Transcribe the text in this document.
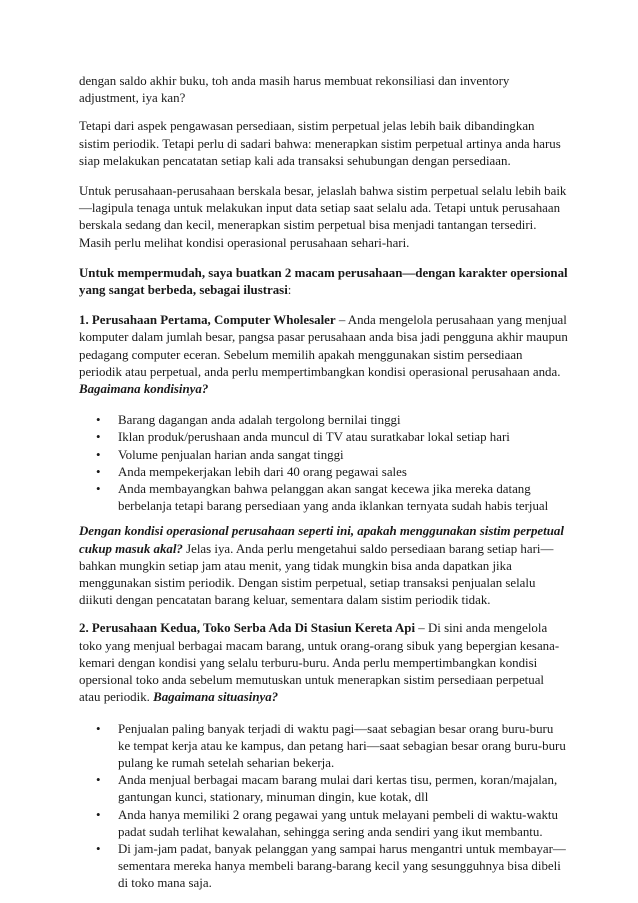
dengan saldo akhir buku, toh anda masih harus membuat rekonsiliasi dan inventory adjustment, iya kan?

Tetapi dari aspek pengawasan persediaan, sistim perpetual jelas lebih baik dibandingkan sistim periodik. Tetapi perlu di sadari bahwa: menerapkan sistim perpetual artinya anda harus siap melakukan pencatatan setiap kali ada transaksi sehubungan dengan persediaan.

Untuk perusahaan-perusahaan berskala besar, jelaslah bahwa sistim perpetual selalu lebih baik—lagipula tenaga untuk melakukan input data setiap saat selalu ada. Tetapi untuk perusahaan berskala sedang dan kecil, menerapkan sistim perpetual bisa menjadi tantangan tersediri. Masih perlu melihat kondisi operasional perusahaan sehari-hari.

Untuk mempermudah, saya buatkan 2 macam perusahaan—dengan karakter opersional yang sangat berbeda, sebagai ilustrasi:

1. Perusahaan Pertama, Computer Wholesaler – Anda mengelola perusahaan yang menjual komputer dalam jumlah besar, pangsa pasar perusahaan anda bisa jadi pengguna akhir maupun pedagang computer eceran. Sebelum memilih apakah menggunakan sistim persediaan periodik atau perpetual, anda perlu mempertimbangkan kondisi operasional perusahaan anda. Bagaimana kondisinya?

• Barang dagangan anda adalah tergolong bernilai tinggi
• Iklan produk/perushaan anda muncul di TV atau suratkabar lokal setiap hari
• Volume penjualan harian anda sangat tinggi
• Anda mempekerjakan lebih dari 40 orang pegawai sales
• Anda membayangkan bahwa pelanggan akan sangat kecewa jika mereka datang berbelanja tetapi barang persediaan yang anda iklankan ternyata sudah habis terjual

Dengan kondisi operasional perusahaan seperti ini, apakah menggunakan sistim perpetual cukup masuk akal? Jelas iya. Anda perlu mengetahui saldo persediaan barang setiap hari—bahkan mungkin setiap jam atau menit, yang tidak mungkin bisa anda dapatkan jika menggunakan sistim periodik. Dengan sistim perpetual, setiap transaksi penjualan selalu diikuti dengan pencatatan barang keluar, sementara dalam sistim periodik tidak.

2. Perusahaan Kedua, Toko Serba Ada Di Stasiun Kereta Api – Di sini anda mengelola toko yang menjual berbagai macam barang, untuk orang-orang sibuk yang bepergian kesana-kemari dengan kondisi yang selalu terburu-buru. Anda perlu mempertimbangkan kondisi opersional toko anda sebelum memutuskan untuk menerapkan sistim persediaan perpetual atau periodik. Bagaimana situasinya?

• Penjualan paling banyak terjadi di waktu pagi—saat sebagian besar orang buru-buru ke tempat kerja atau ke kampus, dan petang hari—saat sebagian besar orang buru-buru pulang ke rumah setelah seharian bekerja.
• Anda menjual berbagai macam barang mulai dari kertas tisu, permen, koran/majalan, gantungan kunci, stationary, minuman dingin, kue kotak, dll
• Anda hanya memiliki 2 orang pegawai yang untuk melayani pembeli di waktu-waktu padat sudah terlihat kewalahan, sehingga sering anda sendiri yang ikut membantu.
• Di jam-jam padat, banyak pelanggan yang sampai harus mengantri untuk membayar—sementara mereka hanya membeli barang-barang kecil yang sesungguhnya bisa dibeli di toko mana saja.
